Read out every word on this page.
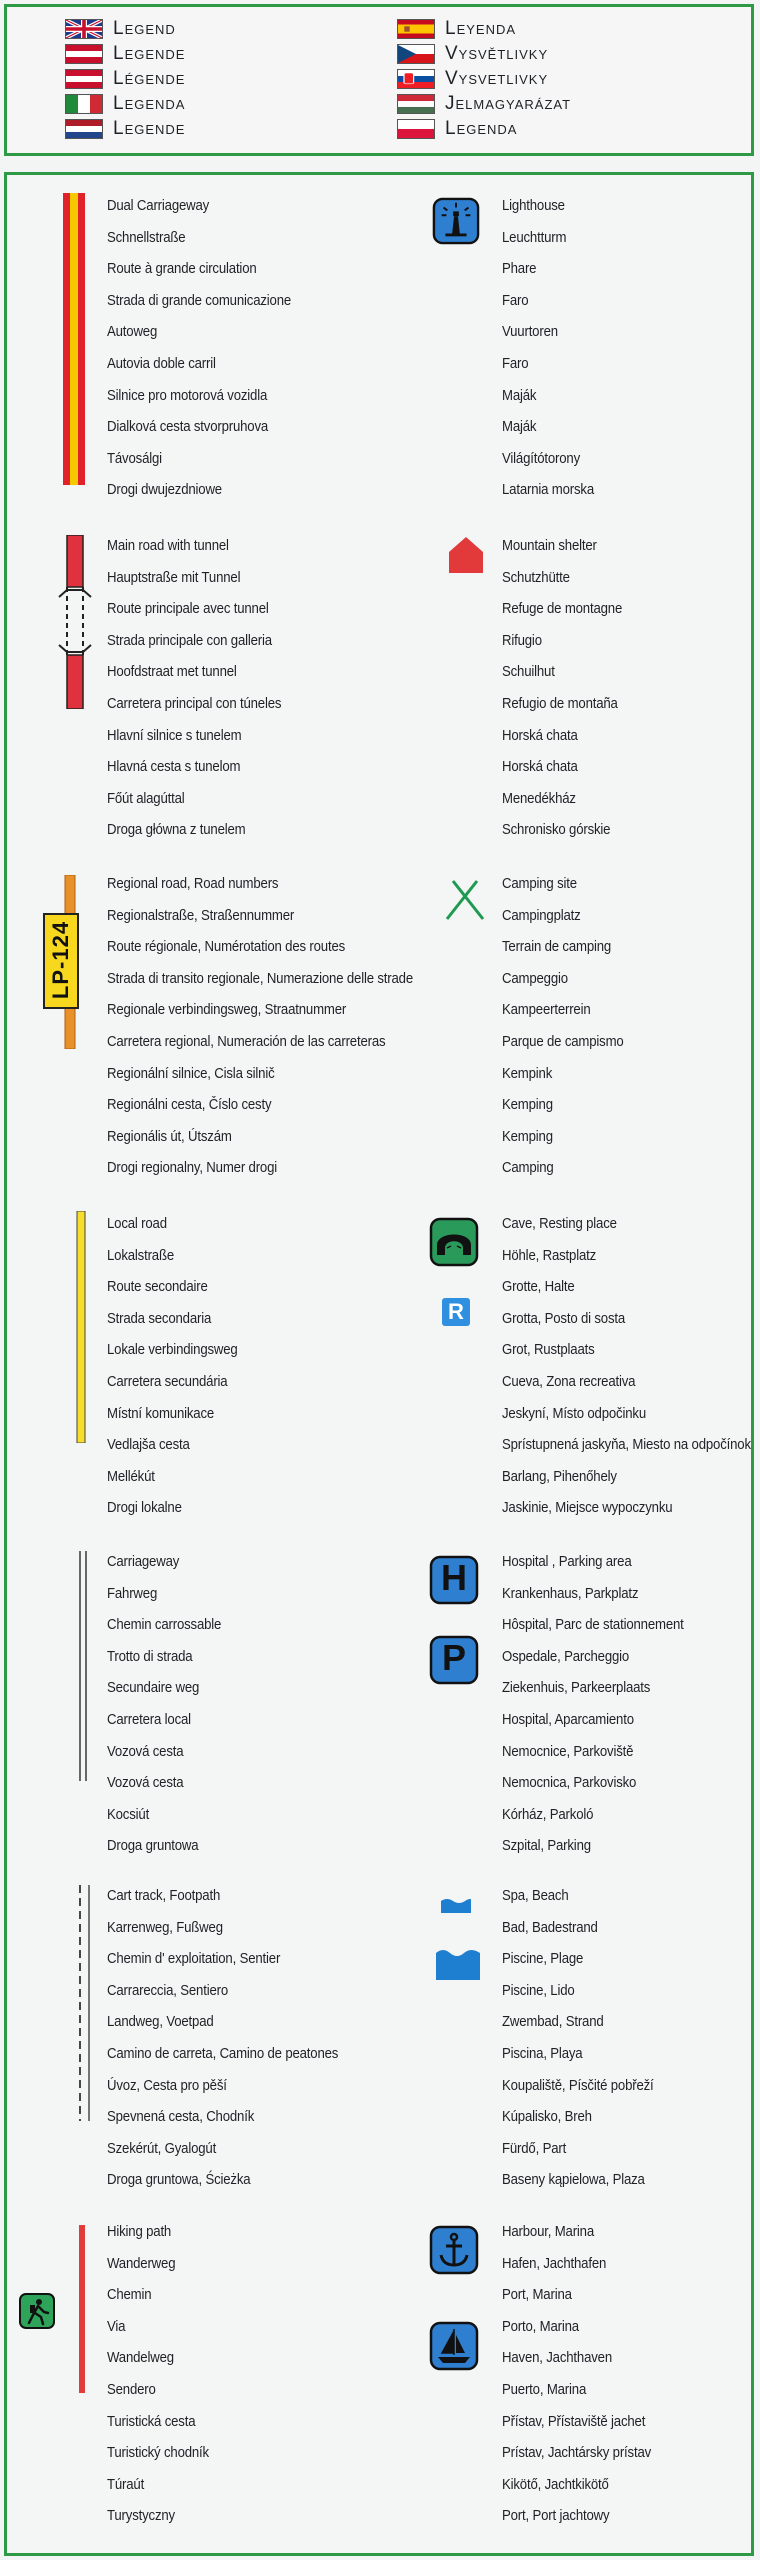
Legend
Legende
Légende
Legenda
Legende
Leyenda
Vysvětlivky
Vysvetlivky
Jelmagyarázat
Legenda
Dual Carriageway
Schnellstraße
Route à grande circulation
Strada di grande comunicazione
Autoweg
Autovia doble carril
Silnice pro motorová vozidla
Dialková cesta stvorpruhova
Távosálgi
Drogi dwujezdniowe
Lighthouse
Leuchtturm
Phare
Faro
Vuurtoren
Faro
Maják
Maják
Világítótorony
Latarnia morska
Main road with tunnel
Hauptstraße mit Tunnel
Route principale avec tunnel
Strada principale con galleria
Hoofdstraat met tunnel
Carretera principal con túneles
Hlavní silnice s tunelem
Hlavná cesta s tunelom
Főút alagúttal
Droga główna z tunelem
Mountain shelter
Schutzhütte
Refuge de montagne
Rifugio
Schuilhut
Refugio de montaña
Horská chata
Horská chata
Menedékház
Schronisko górskie
Regional road, Road numbers
Regionalstraße, Straßennummer
Route régionale, Numérotation des routes
Strada di transito regionale, Numerazione delle strade
Regionale verbindingsweg, Straatnummer
Carretera regional, Numeración de las carreteras
Regionální silnice, Cisla silnič
Regionálni cesta, Číslo cesty
Regionális út, Útszám
Drogi regionalny, Numer drogi
Camping site
Campingplatz
Terrain de camping
Campeggio
Kampeerterrein
Parque de campismo
Kempink
Kemping
Kemping
Camping
Local road
Lokalstraße
Route secondaire
Strada secondaria
Lokale verbindingsweg
Carretera secundária
Místní komunikace
Vedlajša cesta
Mellékút
Drogi lokalne
Cave, Resting place
Höhle, Rastplatz
Grotte, Halte
Grotta, Posto di sosta
Grot, Rustplaats
Cueva, Zona recreativa
Jeskyní, Místo odpočinku
Sprístupnená jaskyňa, Miesto na odpočínok
Barlang, Pihenőhely
Jaskinie, Miejsce wypoczynku
Carriageway
Fahrweg
Chemin carrossable
Trotto di strada
Secundaire weg
Carretera local
Vozová cesta
Vozová cesta
Kocsiút
Droga gruntowa
Hospital , Parking area
Krankenhaus, Parkplatz
Hôspital, Parc de stationnement
Ospedale, Parcheggio
Ziekenhuis, Parkeerplaats
Hospital, Aparcamiento
Nemocnice, Parkoviště
Nemocnica, Parkovisko
Kórház, Parkoló
Szpital, Parking
Cart track, Footpath
Karrenweg, Fußweg
Chemin d' exploitation, Sentier
Carrareccia, Sentiero
Landweg, Voetpad
Camino de carreta, Camino de peatones
Úvoz, Cesta pro pěší
Spevnená cesta, Chodník
Szekérút, Gyalogút
Droga gruntowa, Ścieżka
Spa, Beach
Bad, Badestrand
Piscine, Plage
Piscine, Lido
Zwembad, Strand
Piscina, Playa
Koupaliště, Písčité pobřeží
Kúpalisko, Breh
Fürdő, Part
Baseny kąpielowa, Plaza
Hiking path
Wanderweg
Chemin
Via
Wandelweg
Sendero
Turistická cesta
Turistický chodník
Túraút
Turystyczny
Harbour, Marina
Hafen, Jachthafen
Port, Marina
Porto, Marina
Haven, Jachthaven
Puerto, Marina
Přístav, Přístaviště jachet
Prístav, Jachtársky prístav
Kikötő, Jachtkikötő
Port, Port jachtowy
LP-124
R
H
P
